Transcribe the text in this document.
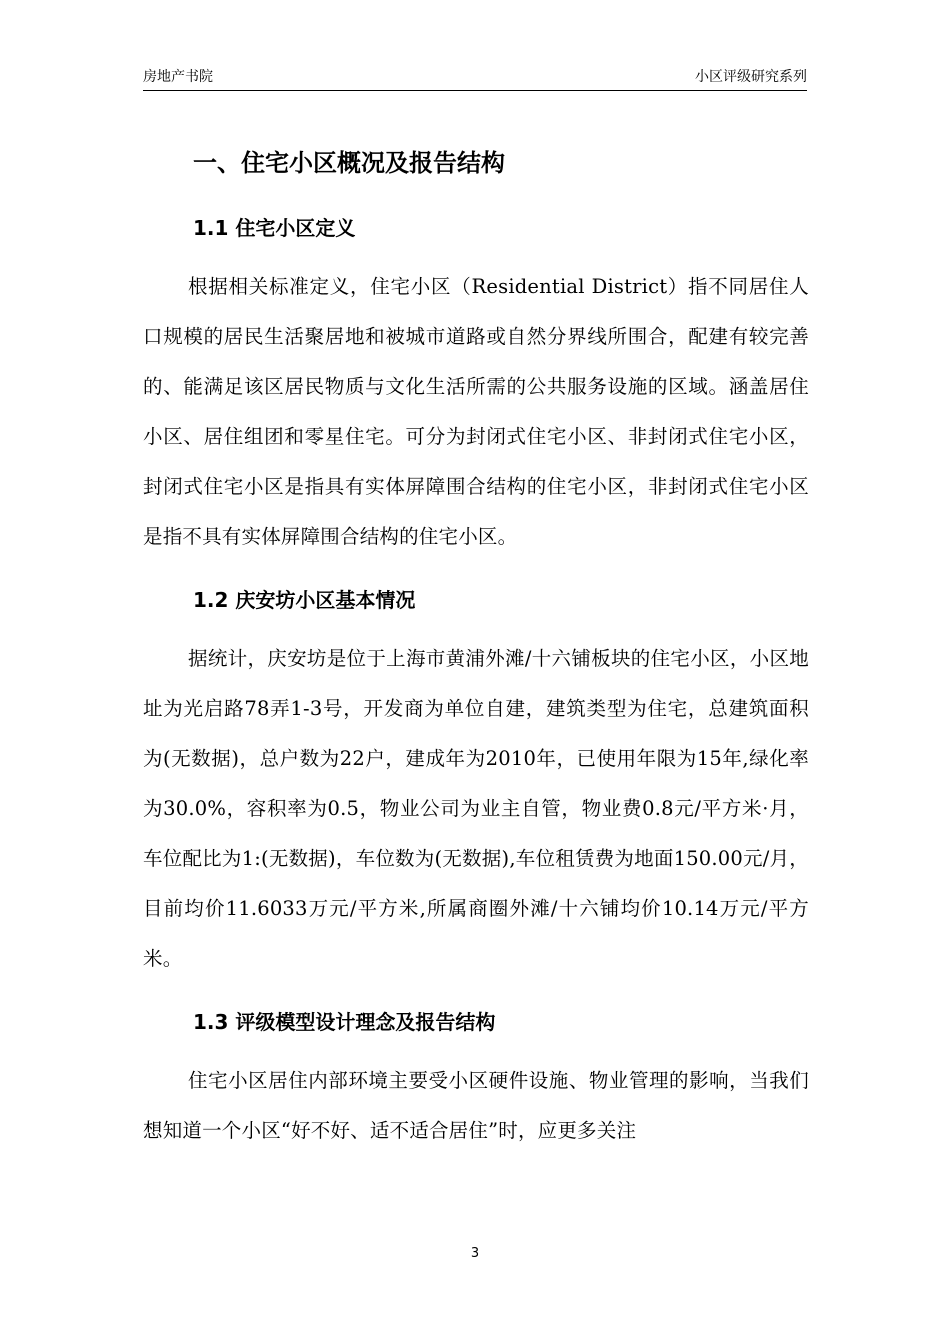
房地产书院	小区评级研究系列
一、住宅小区概况及报告结构
1.1 住宅小区定义

根据相关标准定义，住宅小区（Residential District）指不同居住人口规模的居民生活聚居地和被城市道路或自然分界线所围合，配建有较完善的、能满足该区居民物质与文化生活所需的公共服务设施的区域。涵盖居住小区、居住组团和零星住宅。可分为封闭式住宅小区、非封闭式住宅小区，封闭式住宅小区是指具有实体屏障围合结构的住宅小区，非封闭式住宅小区是指不具有实体屏障围合结构的住宅小区。

1.2 庆安坊小区基本情况

据统计，庆安坊是位于上海市黄浦外滩/十六铺板块的住宅小区，小区地址为光启路78弄1-3号，开发商为单位自建，建筑类型为住宅，总建筑面积为(无数据)，总户数为22户，建成年为2010年，已使用年限为15年,绿化率为30.0%，容积率为0.5，物业公司为业主自管，物业费0.8元/平方米·月，车位配比为1:(无数据)，车位数为(无数据),车位租赁费为地面150.00元/月，目前均价11.6033万元/平方米,所属商圈外滩/十六铺均价10.14万元/平方米。

1.3 评级模型设计理念及报告结构

住宅小区居住内部环境主要受小区硬件设施、物业管理的影响，当我们想知道一个小区“好不好、适不适合居住”时，应更多关注

3
